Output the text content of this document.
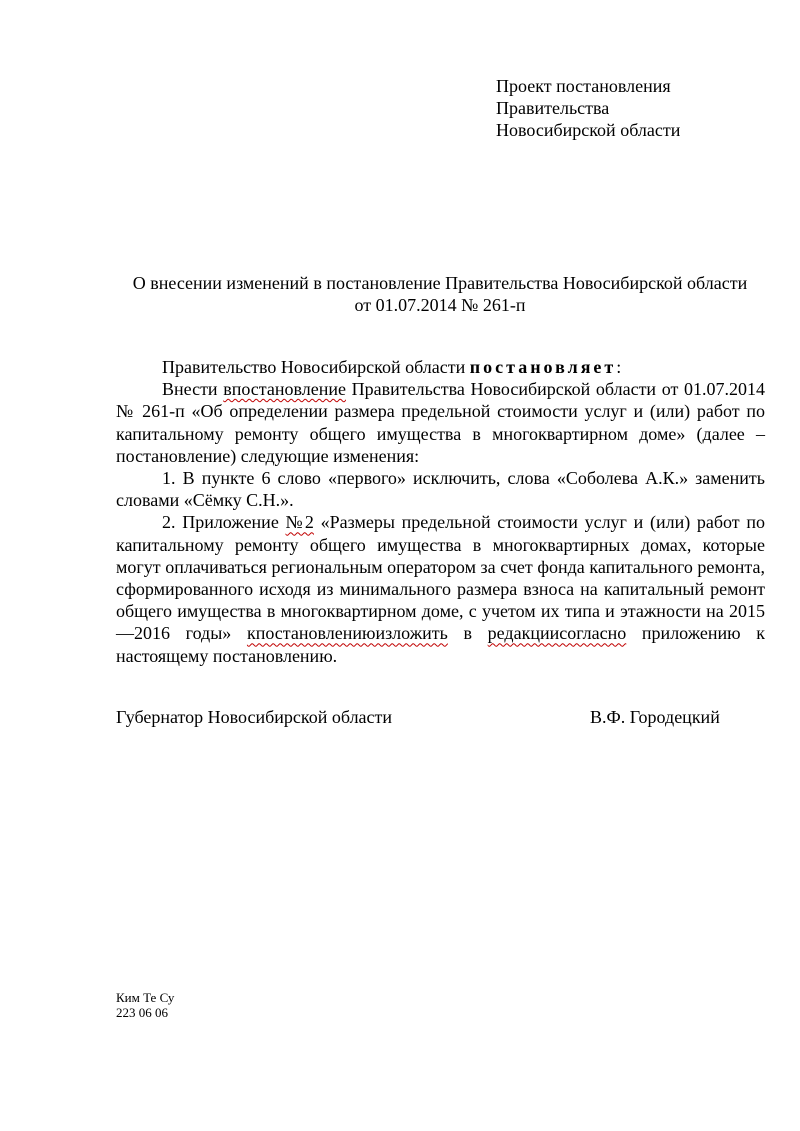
Проект постановления
Правительства
Новосибирской области
О внесении изменений в постановление Правительства Новосибирской области
от 01.07.2014 № 261-п

Правительство Новосибирской области постановляет:

Внести впостановление Правительства Новосибирской области от 01.07.2014 № 261-п «Об определении размера предельной стоимости услуг и (или) работ по капитальному ремонту общего имущества в многоквартирном доме» (далее – постановление) следующие изменения:

1. В пункте 6 слово «первого» исключить, слова «Соболева А.К.» заменить словами «Сёмку С.Н.».

2. Приложение №2 «Размеры предельной стоимости услуг и (или) работ по капитальному ремонту общего имущества в многоквартирных домах, которые могут оплачиваться региональным оператором за счет фонда капитального ремонта, сформированного исходя из минимального размера взноса на капитальный ремонт общего имущества в многоквартирном доме, с учетом их типа и этажности на 2015—2016 годы» кпостановлениюизложить в редакциисогласно приложению к настоящему постановлению.

Губернатор Новосибирской области	В.Ф. Городецкий
Ким Те Су
223 06 06
